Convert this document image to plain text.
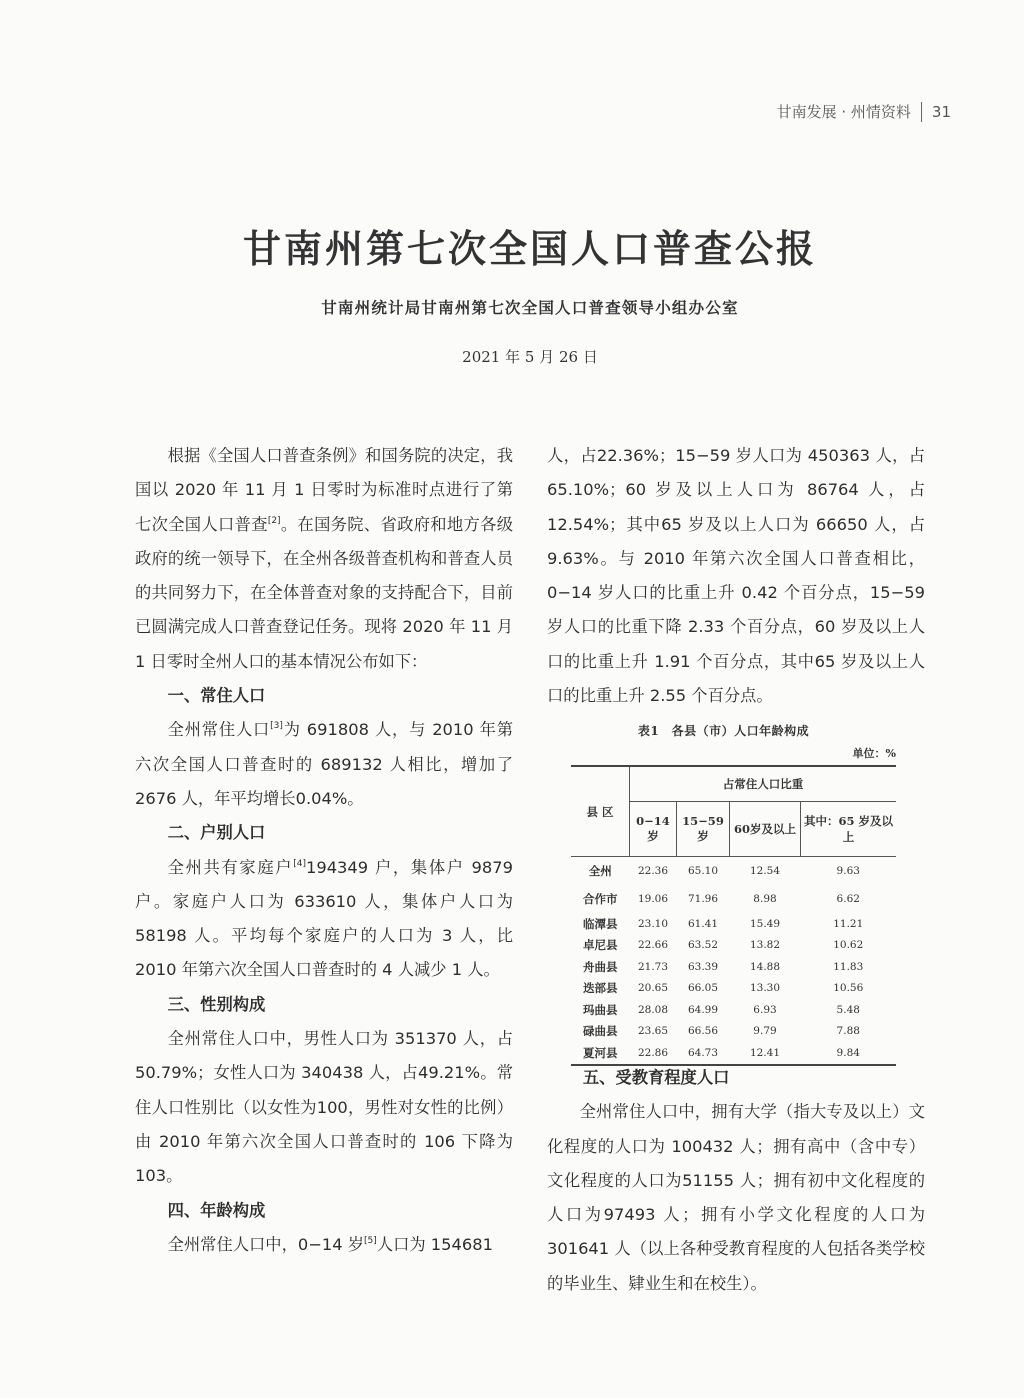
甘南发展 · 州情资料 31
甘南州第七次全国人口普查公报
甘南州统计局甘南州第七次全国人口普查领导小组办公室
2021 年 5 月 26 日

根据《全国人口普查条例》和国务院的决定，我国以 2020 年 11 月 1 日零时为标准时点进行了第七次全国人口普查[2]。在国务院、省政府和地方各级政府的统一领导下，在全州各级普查机构和普查人员的共同努力下，在全体普查对象的支持配合下，目前已圆满完成人口普查登记任务。现将 2020 年 11 月 1 日零时全州人口的基本情况公布如下：

一、常住人口

全州常住人口[3]为 691808 人，与 2010 年第六次全国人口普查时的 689132 人相比，增加了 2676 人，年平均增长0.04%。

二、户别人口

全州共有家庭户[4]194349 户，集体户 9879 户。家庭户人口为 633610 人，集体户人口为 58198 人。平均每个家庭户的人口为 3 人，比 2010 年第六次全国人口普查时的 4 人减少 1 人。

三、性别构成

全州常住人口中，男性人口为 351370 人，占50.79%；女性人口为 340438 人，占49.21%。常住人口性别比（以女性为100，男性对女性的比例）由 2010 年第六次全国人口普查时的 106 下降为103。

四、年龄构成

全州常住人口中，0−14 岁[5]人口为 154681

人，占22.36%；15−59 岁人口为 450363 人，占65.10%；60 岁及以上人口为 86764 人，占12.54%；其中65 岁及以上人口为 66650 人，占9.63%。与 2010 年第六次全国人口普查相比，0−14 岁人口的比重上升 0.42 个百分点，15−59 岁人口的比重下降 2.33 个百分点，60 岁及以上人口的比重上升 1.91 个百分点，其中65 岁及以上人口的比重上升 2.55 个百分点。

表1　各县（市）人口年龄构成
单位：%
县 区	占常住人口比重			
	0−14 岁	15−59 岁	60岁及以上	其中：65 岁及以上
全州	22.36	65.10	12.54	9.63
合作市	19.06	71.96	8.98	6.62
临潭县	23.10	61.41	15.49	11.21
卓尼县	22.66	63.52	13.82	10.62
舟曲县	21.73	63.39	14.88	11.83
迭部县	20.65	66.05	13.30	10.56
玛曲县	28.08	64.99	6.93	5.48
碌曲县	23.65	66.56	9.79	7.88
夏河县	22.86	64.73	12.41	9.84

五、受教育程度人口

全州常住人口中，拥有大学（指大专及以上）文化程度的人口为 100432 人；拥有高中（含中专）文化程度的人口为51155 人；拥有初中文化程度的人口为97493 人；拥有小学文化程度的人口为 301641 人（以上各种受教育程度的人包括各类学校的毕业生、肄业生和在校生）。
